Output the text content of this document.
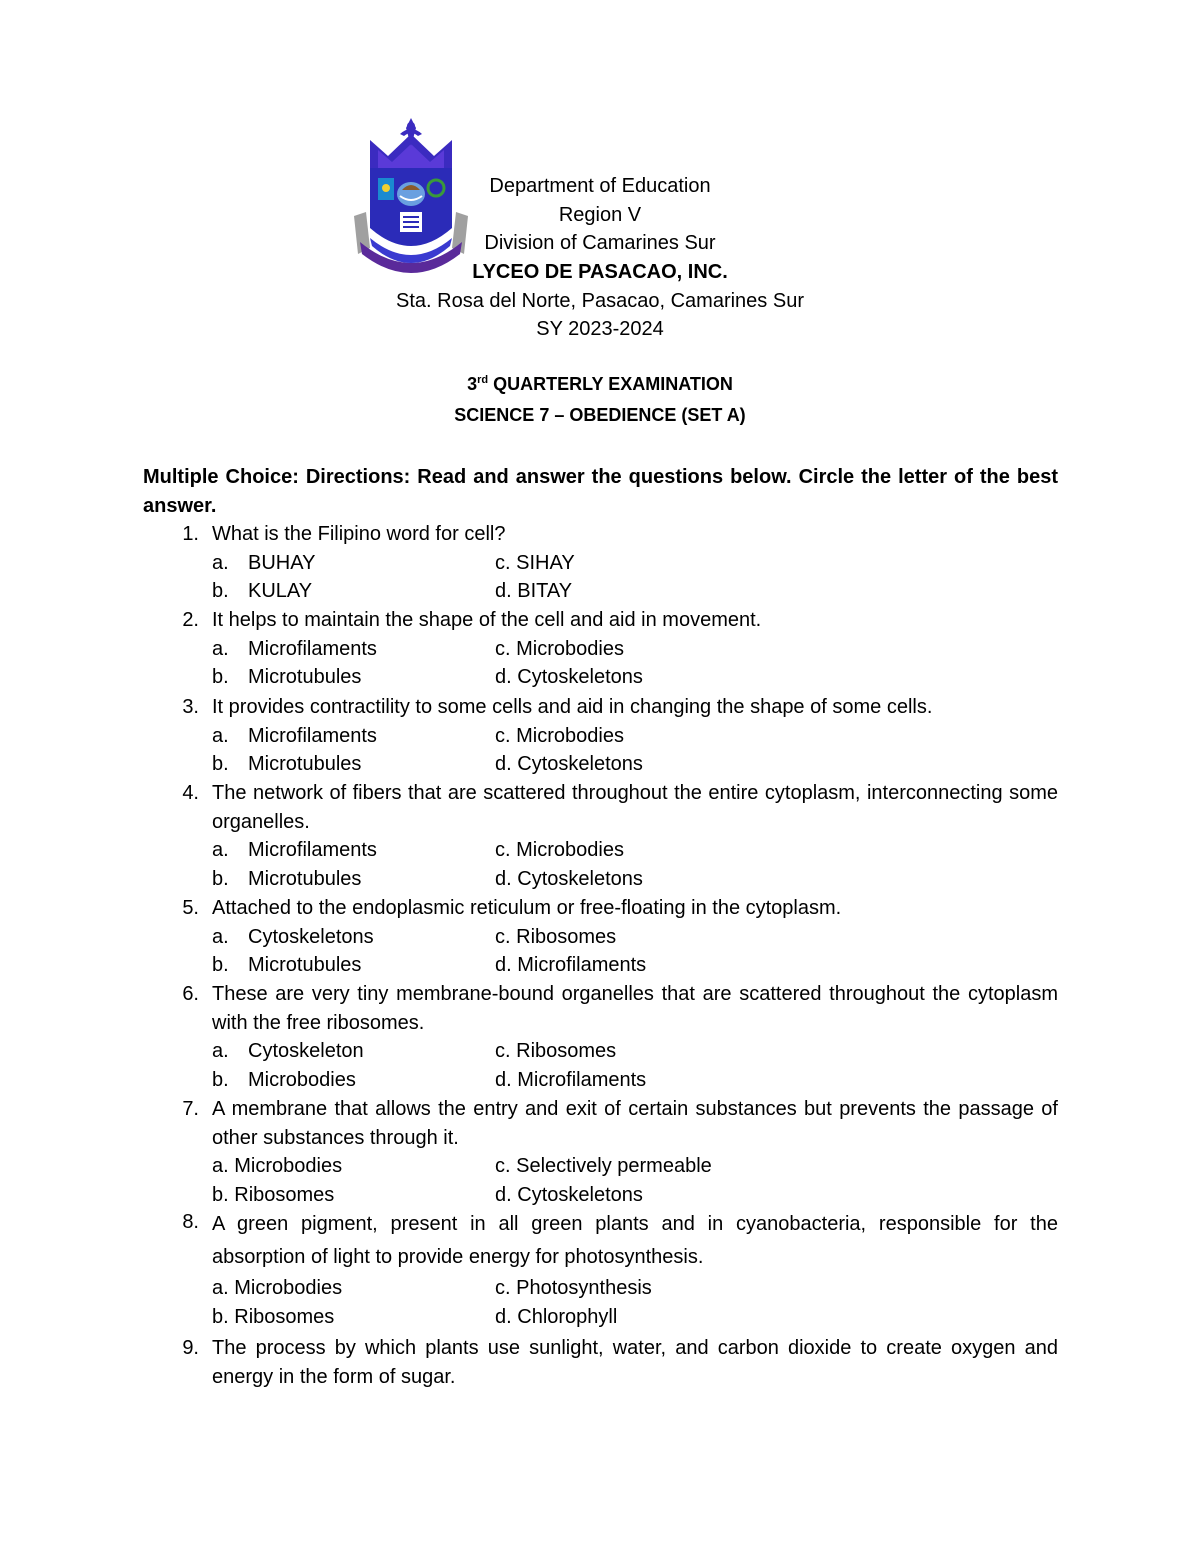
Department of Education
Region V
Division of Camarines Sur
LYCEO DE PASACAO, INC.
Sta. Rosa del Norte, Pasacao, Camarines Sur
SY 2023-2024
3rd QUARTERLY EXAMINATION
SCIENCE 7 – OBEDIENCE (SET A)
Multiple Choice: Directions: Read and answer the questions below. Circle the letter of the best answer.
1. What is the Filipino word for cell?
a. BUHAY	c. SIHAY
b. KULAY	d. BITAY
2. It helps to maintain the shape of the cell and aid in movement.
a. Microfilaments	c. Microbodies
b. Microtubules	d. Cytoskeletons
3. It provides contractility to some cells and aid in changing the shape of some cells.
a. Microfilaments	c. Microbodies
b. Microtubules	d. Cytoskeletons
4. The network of fibers that are scattered throughout the entire cytoplasm, interconnecting some organelles.
a. Microfilaments	c. Microbodies
b. Microtubules	d. Cytoskeletons
5. Attached to the endoplasmic reticulum or free-floating in the cytoplasm.
a. Cytoskeletons	c. Ribosomes
b. Microtubules	d. Microfilaments
6. These are very tiny membrane-bound organelles that are scattered throughout the cytoplasm with the free ribosomes.
a. Cytoskeleton	c. Ribosomes
b. Microbodies	d. Microfilaments
7. A membrane that allows the entry and exit of certain substances but prevents the passage of other substances through it.
a. Microbodies	c. Selectively permeable
b. Ribosomes	d. Cytoskeletons
8. A green pigment, present in all green plants and in cyanobacteria, responsible for the absorption of light to provide energy for photosynthesis.
a. Microbodies	c. Photosynthesis
b. Ribosomes	d. Chlorophyll
9. The process by which plants use sunlight, water, and carbon dioxide to create oxygen and energy in the form of sugar.
